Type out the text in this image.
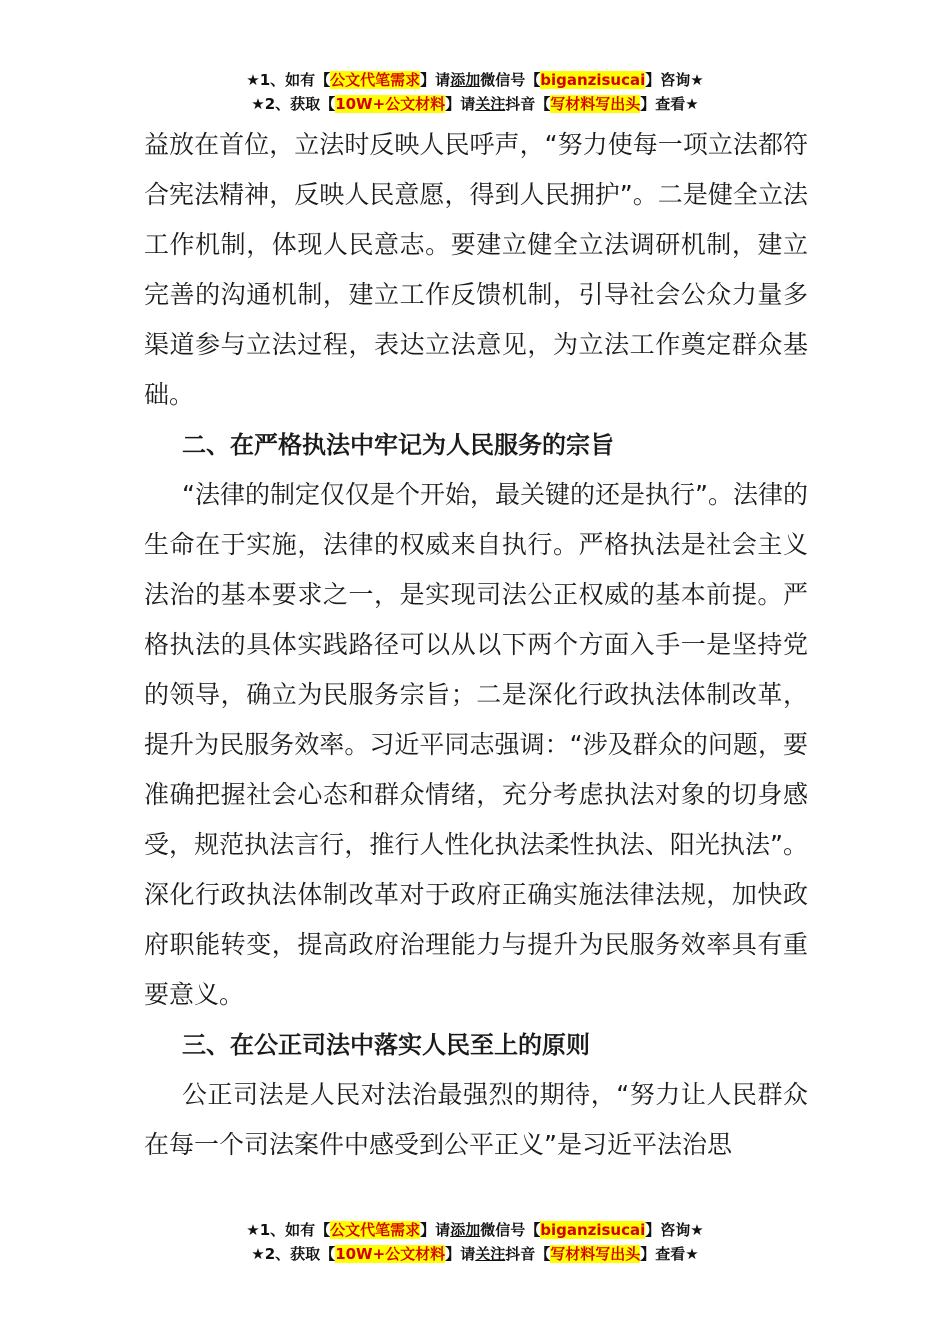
★1、如有【公文代笔需求】请添加微信号【biganzisucai】咨询★
★2、获取【10W+公文材料】请关注抖音【写材料写出头】查看★

益放在首位，立法时反映人民呼声，“努力使每一项立法都符合宪法精神，反映人民意愿，得到人民拥护”。二是健全立法工作机制，体现人民意志。要建立健全立法调研机制，建立完善的沟通机制，建立工作反馈机制，引导社会公众力量多渠道参与立法过程，表达立法意见，为立法工作奠定群众基础。

二、在严格执法中牢记为人民服务的宗旨

“法律的制定仅仅是个开始，最关键的还是执行”。法律的生命在于实施，法律的权威来自执行。严格执法是社会主义法治的基本要求之一，是实现司法公正权威的基本前提。严格执法的具体实践路径可以从以下两个方面入手一是坚持党的领导，确立为民服务宗旨；二是深化行政执法体制改革，提升为民服务效率。习近平同志强调：“涉及群众的问题，要准确把握社会心态和群众情绪，充分考虑执法对象的切身感受，规范执法言行，推行人性化执法柔性执法、阳光执法”。深化行政执法体制改革对于政府正确实施法律法规，加快政府职能转变，提高政府治理能力与提升为民服务效率具有重要意义。

三、在公正司法中落实人民至上的原则

公正司法是人民对法治最强烈的期待，“努力让人民群众在每一个司法案件中感受到公平正义”是习近平法治思

★1、如有【公文代笔需求】请添加微信号【biganzisucai】咨询★
★2、获取【10W+公文材料】请关注抖音【写材料写出头】查看★
